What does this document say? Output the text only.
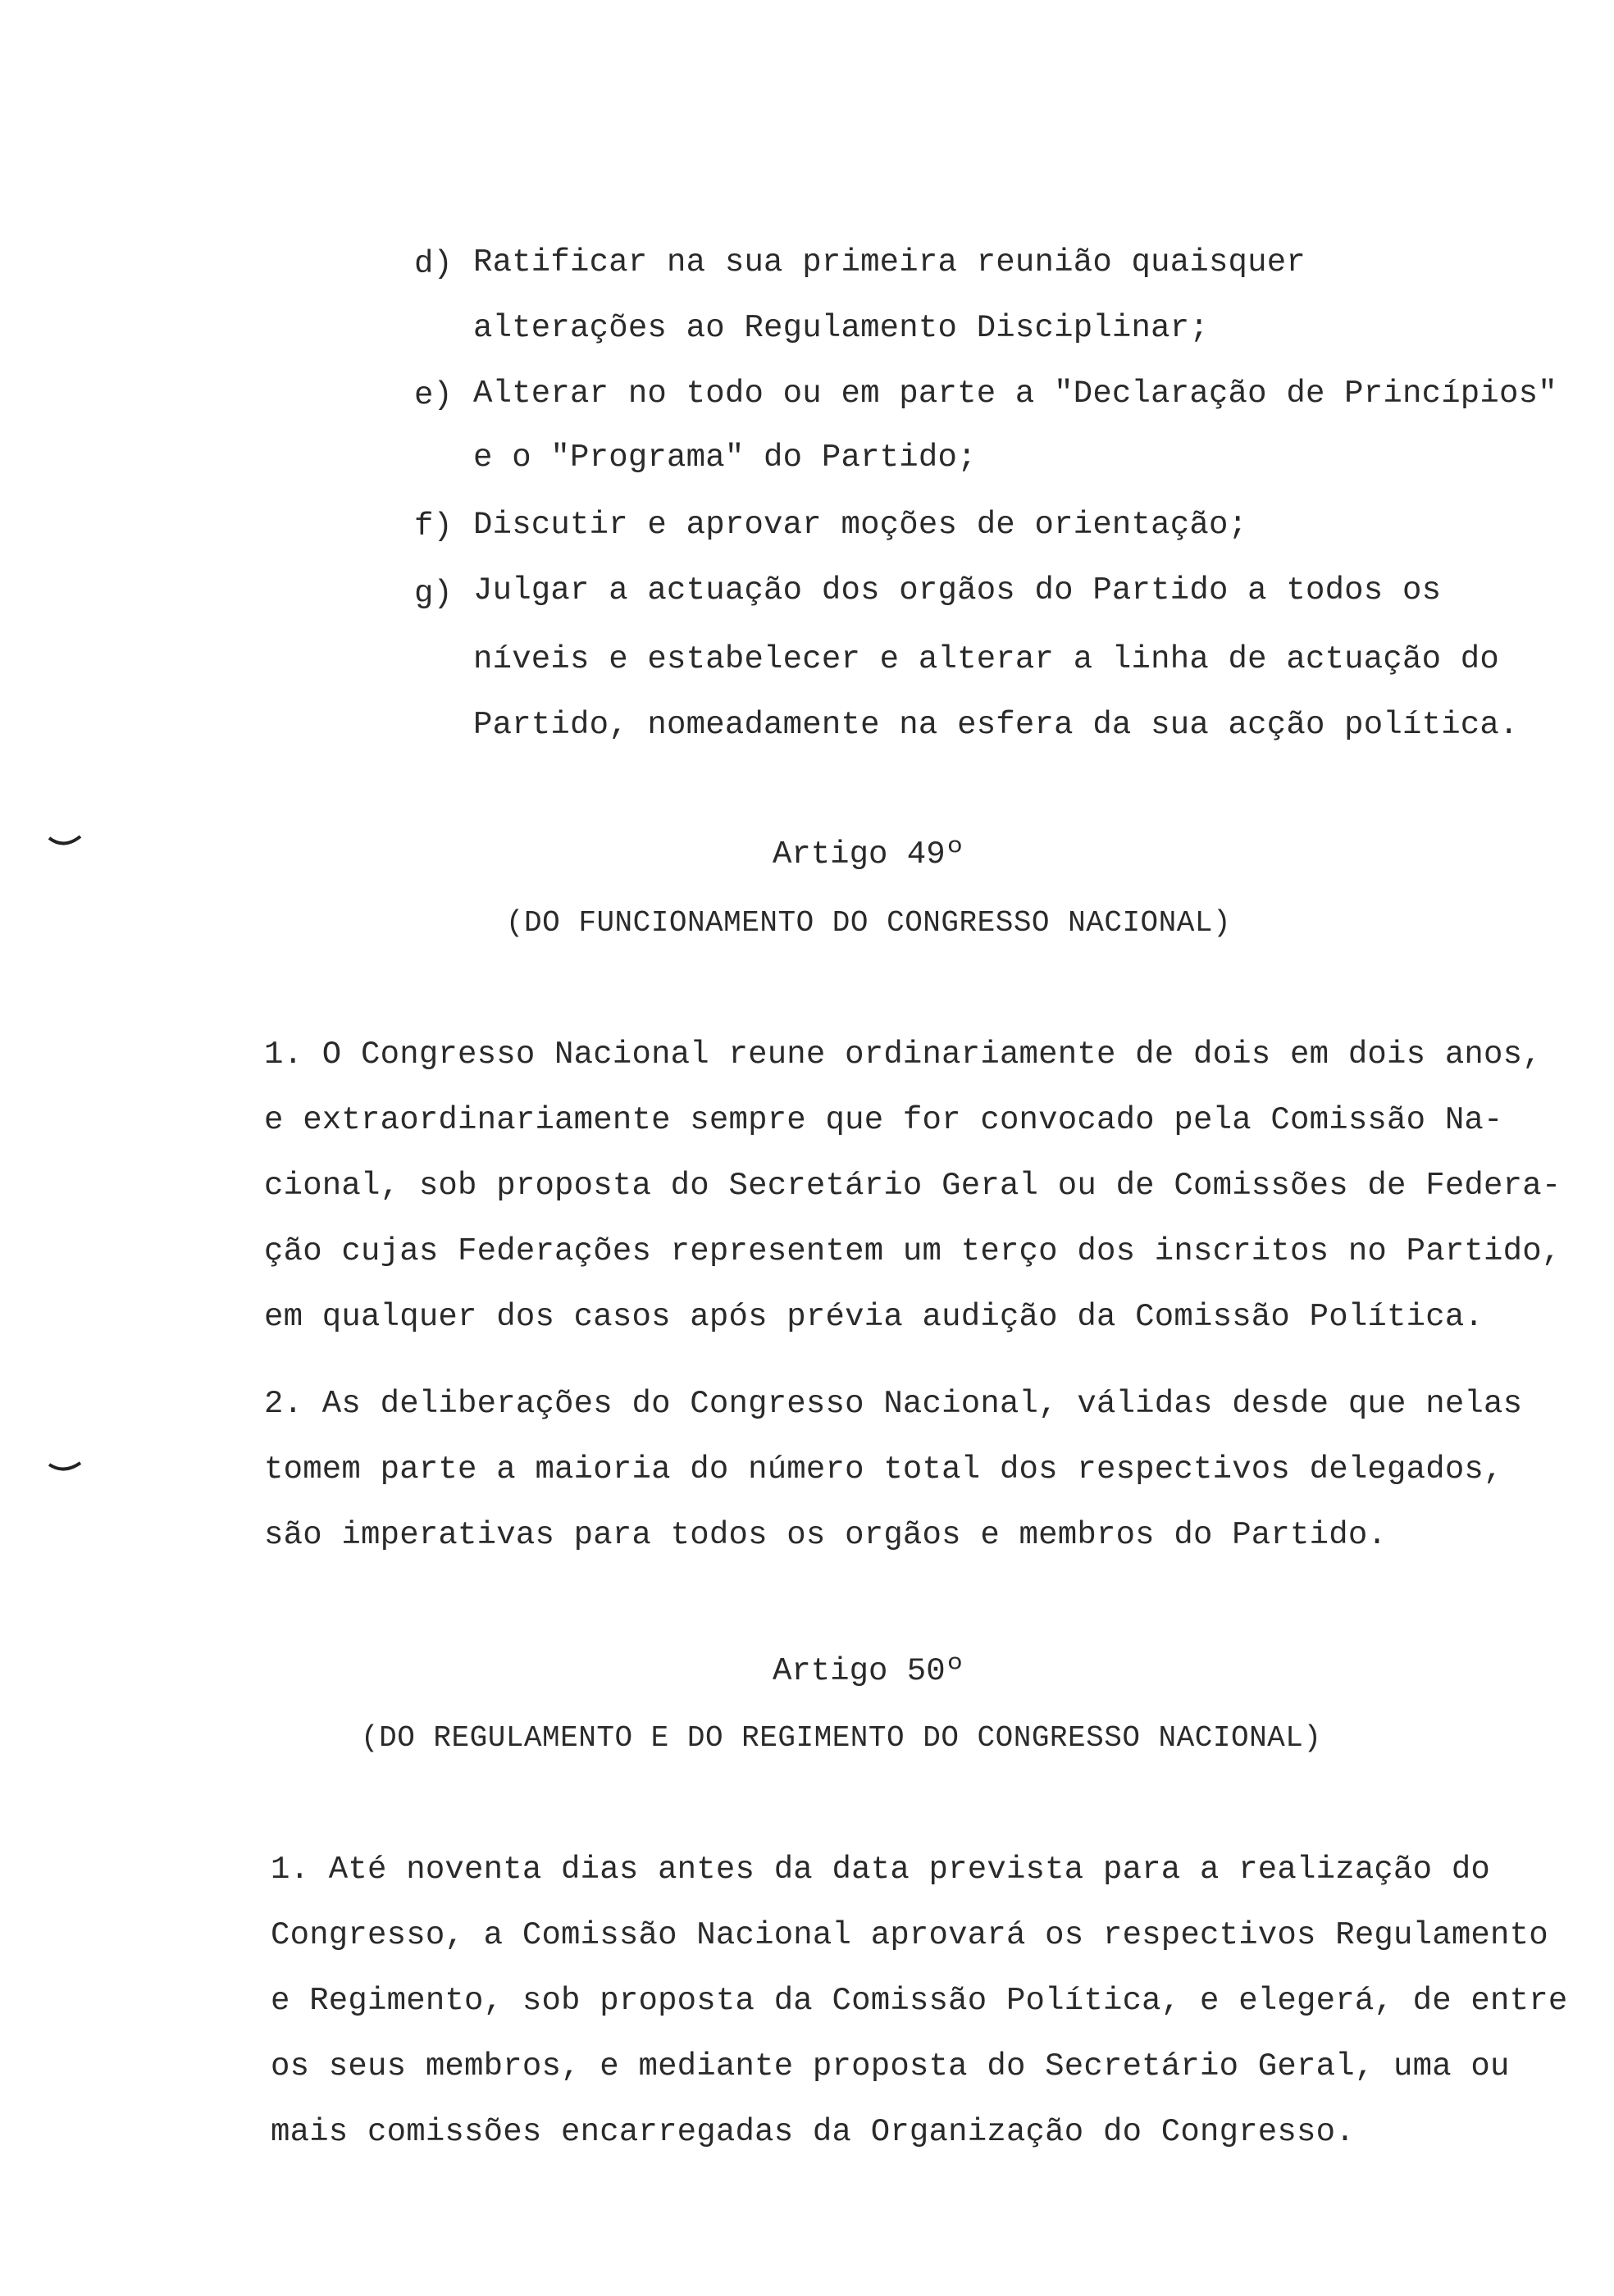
d) Ratificar na sua primeira reunião quaisquer
alterações ao Regulamento Disciplinar;
e) Alterar no todo ou em parte a "Declaração de Princípios"
e o "Programa" do Partido;
f) Discutir e aprovar moções de orientação;
g) Julgar a actuação dos orgãos do Partido a todos os
níveis e estabelecer e alterar a linha de actuação do
Partido, nomeadamente na esfera da sua acção política.
Artigo 49º
(DO FUNCIONAMENTO DO CONGRESSO NACIONAL)
1. O Congresso Nacional reune ordinariamente de dois em dois anos,
e extraordinariamente sempre que for convocado pela Comissão Na-
cional, sob proposta do Secretário Geral ou de Comissões de Federa-
ção cujas Federações representem um terço dos inscritos no Partido,
em qualquer dos casos após prévia audição da Comissão Política.
2. As deliberações do Congresso Nacional, válidas desde que nelas
tomem parte a maioria do número total dos respectivos delegados,
são imperativas para todos os orgãos e membros do Partido.
Artigo 50º
(DO REGULAMENTO E DO REGIMENTO DO CONGRESSO NACIONAL)
1. Até noventa dias antes da data prevista para a realização do
Congresso, a Comissão Nacional aprovará os respectivos Regulamento
e Regimento, sob proposta da Comissão Política, e elegerá, de entre
os seus membros, e mediante proposta do Secretário Geral, uma ou
mais comissões encarregadas da Organização do Congresso.
